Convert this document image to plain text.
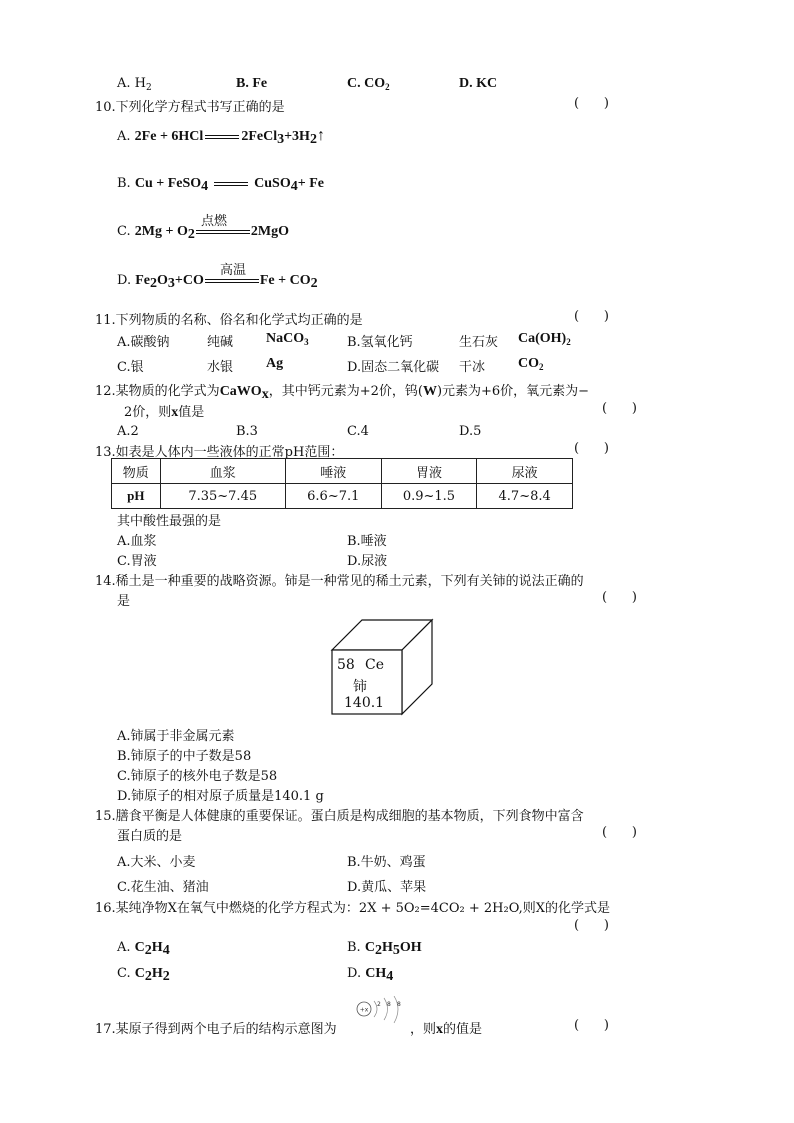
A. $H_2$	B. Fe	C. $CO_2$	D. KC
10.下列化学方程式书写正确的是	(      )
A. 2Fe + 6HCl	$2FeCl_3+3H_2↑$
B. Cu + FeSO$_4$	CuSO$_4$+ Fe
点燃
C. $2Mg + O_2$	2MgO
高温
D. $Fe_2O_3+CO$	$Fe + CO_2$
11.下列物质的名称、俗名和化学式均正确的是	(      )
A.碳酸钠	纯碱 NaCO$_3$	B.氢氧化钙	生石灰 $Ca(OH)_2$
C.银	水银 Ag	D.固态二氧化碳 干冰 $CO_2$
12.某物质的化学式为CaWO$_x$，其中钙元素为+2价，钨(W)元素为+6价，氧元素为−
2价，则x值是	(      )
A.2	B.3	C.4	D.5
13.如表是人体内一些液体的正常pH范围：	(      )
物质	血浆	唾液	胃液	尿液
pH	7.35~7.45	6.6~7.1	0.9~1.5	4.7~8.4
其中酸性最强的是
A.血浆	B.唾液
C.胃液	D.尿液
14.稀土是一种重要的战略资源。铈是一种常见的稀土元素，下列有关铈的说法正确的
是	(      )
58 Ce
铈
140.1
A.铈属于非金属元素
B.铈原子的中子数是58
C.铈原子的核外电子数是58
D.铈原子的相对原子质量是140.1 g
15.膳食平衡是人体健康的重要保证。蛋白质是构成细胞的基本物质，下列食物中富含
蛋白质的是	(      )
A.大米、小麦	B.牛奶、鸡蛋
C.花生油、猪油	D.黄瓜、苹果
16.某纯净物X在氧气中燃烧的化学方程式为：2X + 5O₂=4CO₂ + 2H₂O,则X的化学式是
(      )
A. $C_2H_4$	B. $C_2H_5OH$
C. $C_2H_2$	D. $CH_4$
17.某原子得到两个电子后的结构示意图为
+x
2 8 8
，则x的值是	(      )
